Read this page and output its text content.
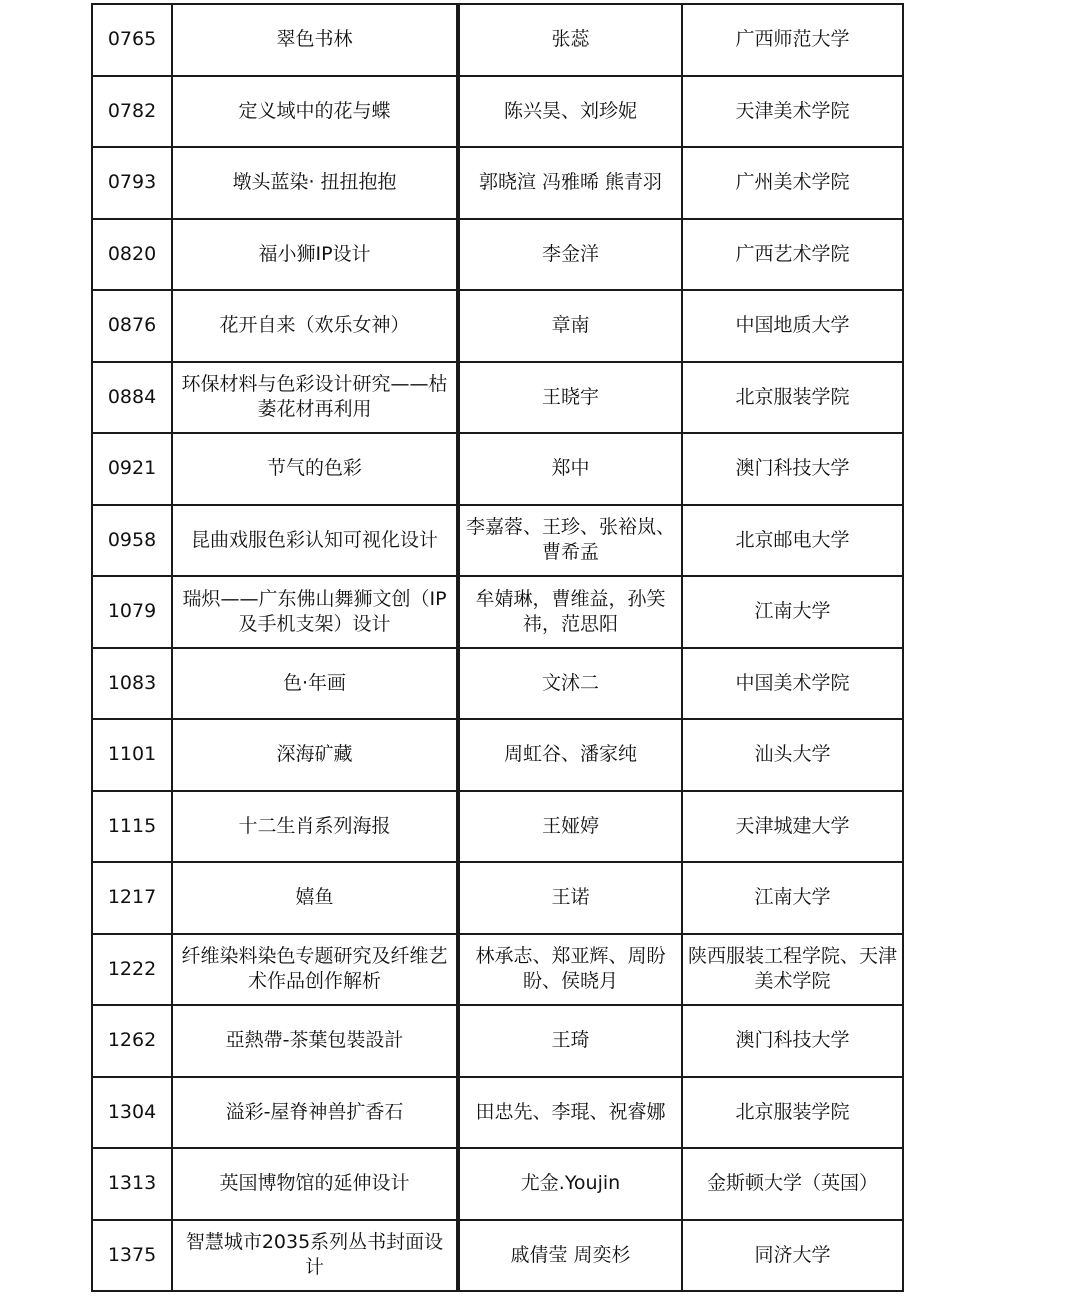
0765	翠色书林	张蕊	广西师范大学
0782	定义域中的花与蝶	陈兴昊、刘珍妮	天津美术学院
0793	墩头蓝染· 扭扭抱抱	郭晓渲 冯雅晞 熊青羽	广州美术学院
0820	福小狮IP设计	李金洋	广西艺术学院
0876	花开自来（欢乐女神）	章南	中国地质大学
0884	环保材料与色彩设计研究——枯萎花材再利用	王晓宇	北京服装学院
0921	节气的色彩	郑中	澳门科技大学
0958	昆曲戏服色彩认知可视化设计	李嘉蓉、王珍、张裕岚、曹希孟	北京邮电大学
1079	瑞炽——广东佛山舞狮文创（IP及手机支架）设计	牟婧琳，曹维益，孙笑祎，范思阳	江南大学
1083	色·年画	文沭二	中国美术学院
1101	深海矿藏	周虹谷、潘家纯	汕头大学
1115	十二生肖系列海报	王娅婷	天津城建大学
1217	嬉鱼	王诺	江南大学
1222	纤维染料染色专题研究及纤维艺术作品创作解析	林承志、郑亚辉、周盼盼、侯晓月	陕西服装工程学院、天津美术学院
1262	亞熱帶-茶葉包裝設計	王琦	澳门科技大学
1304	溢彩-屋脊神兽扩香石	田忠先、李琨、祝睿娜	北京服装学院
1313	英国博物馆的延伸设计	尤金.Youjin	金斯顿大学（英国）
1375	智慧城市2035系列丛书封面设计	戚倩莹 周奕杉	同济大学
